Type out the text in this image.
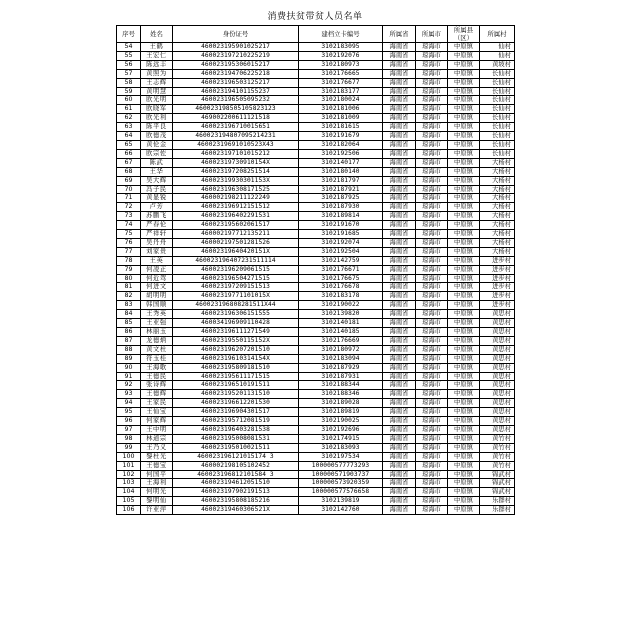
消费扶贫带贫人员名单
序号	姓名	身份证号	建档立卡编号	所属省	所属市	所属县（区）	所属村

54	王鹤	460023195901025217	3102183095	海南省	琼海市	中原镇	仙村
55	王宏仁	460023197210225219	3102192076	海南省	琼海市	中原镇	仙村
56	陈远丰	460023195306015217	3102180973	海南省	琼海市	中原镇	黄坡村
57	黄照为	460023194706225218	3102176665	海南省	琼海市	中原镇	长仙村
58	王志辉	460023196503125217	3102176677	海南省	琼海市	中原镇	长仙村
59	黄明慧	460023194101155237	3102183177	海南省	琼海市	中原镇	长仙村
60	欧光明	460023196505095232	3102180024	海南省	琼海市	中原镇	长仙村
61	欧晓军	460023198505105823123	3102181006	海南省	琼海市	中原镇	长仙村
62	欧光利	469002200611121518	3102181009	海南省	琼海市	中原镇	长仙村
63	陈平良	460023196710015651	3102181615	海南省	琼海市	中原镇	长仙村
64	欧德茂	460023194807095214231	3102191679	海南省	琼海市	中原镇	长仙村
65	黄伦金	46002319691010523X43	3102182064	海南省	琼海市	中原镇	长仙村
66	欧宗佐	460023197101015212	3102192506	海南省	琼海市	中原镇	长仙村
67	陈武	46002319730910154X	3102140177	海南省	琼海市	中原镇	大杨村
68	王华	460023197208251514	3102180140	海南省	琼海市	中原镇	大杨村
69	吴大辉	46002319930301153X	3102181797	海南省	琼海市	中原镇	大杨村
70	冯子民	460023196308171525	3102187921	海南省	琼海市	中原镇	大杨村
71	黄显锐	460002198211122249	3102187925	海南省	琼海市	中原镇	大杨村
72	卢芳	460023196912151512	3102187930	海南省	琼海市	中原镇	大杨村
73	苏鹏飞	460023196402291531	3102189814	海南省	琼海市	中原镇	大杨村
74	严春伦	460023195602061517	3102191670	海南省	琼海市	中原镇	大杨村
75	严祥轩	460002197712135211	3102191685	海南省	琼海市	中原镇	大杨村
76	吴丹舟	460002197501281526	3102192074	海南省	琼海市	中原镇	大杨村
77	刘家贵	46002319640420151X	3102192504	海南省	琼海市	中原镇	大杨村
78	王英	460023196407231511114	3102142759	海南省	琼海市	中原镇	进步村
79	何凌正	460023196209061515	3102176671	海南省	琼海市	中原镇	进步村
80	何近驾	460023196504271515	3102176675	海南省	琼海市	中原镇	进步村
81	何进文	460023197209151513	3102176678	海南省	琼海市	中原镇	进步村
82	胡明明	46002319771101015X	3102183178	海南省	琼海市	中原镇	进步村
83	韩国顺	460023196808281511X44	3102190022	海南省	琼海市	中原镇	进步村
84	王秀英	460023196306151555	3102139820	海南省	琼海市	中原镇	黄思村
85	王亚强	460034196909110428	3102140181	海南省	琼海市	中原镇	黄思村
86	林丽玉	460023196111271549	3102140185	海南省	琼海市	中原镇	黄思村
87	龙德炳	46002319550115152X	3102176669	海南省	琼海市	中原镇	黄思村
88	黄文杜	460023196207201510	3102180972	海南省	琼海市	中原镇	黄思村
89	符玉桂	46002319610314154X	3102183094	海南省	琼海市	中原镇	黄思村
90	王海歌	460023195809181510	3102187929	海南省	琼海市	中原镇	黄思村
91	王德民	460023195611171515	3102187931	海南省	琼海市	中原镇	黄思村
92	张诗辉	460023196510191511	3102188344	海南省	琼海市	中原镇	黄思村
93	王德辉	460023195201131510	3102188346	海南省	琼海市	中原镇	黄思村
94	王家民	460023196612201530	3102189028	海南省	琼海市	中原镇	黄思村
95	王仙宝	460023196904301517	3102189819	海南省	琼海市	中原镇	黄思村
96	何家辉	460023195712081519	3102190025	海南省	琼海市	中原镇	黄思村
97	王中明	460023196403281538	3102192696	海南省	琼海市	中原镇	黄思村
98	林道宗	460023195008081531	3102174915	海南省	琼海市	中原镇	黄竹村
99	王乃义	460023195010021511	3102183093	海南省	琼海市	中原镇	黄竹村
100	黎杜光	460023196121015174 3	3102197534	海南省	琼海市	中原镇	黄竹村
101	王德宝	460002198105102452	100000577773293	海南省	琼海市	中原镇	黄竹村
102	何国平	460023196812101584 3	100000571903737	海南省	琼海市	中原镇	锦武村
103	王海利	460023194612051510	100000573920359	海南省	琼海市	中原镇	锦武村
104	何明光	460023197902191513	100000577576658	海南省	琼海市	中原镇	锦武村
105	黎明仙	460023195808185216	3102139819	海南省	琼海市	中原镇	乐群村
106	许亚萍	46002319460306521X	3102142760	海南省	琼海市	中原镇	乐群村
